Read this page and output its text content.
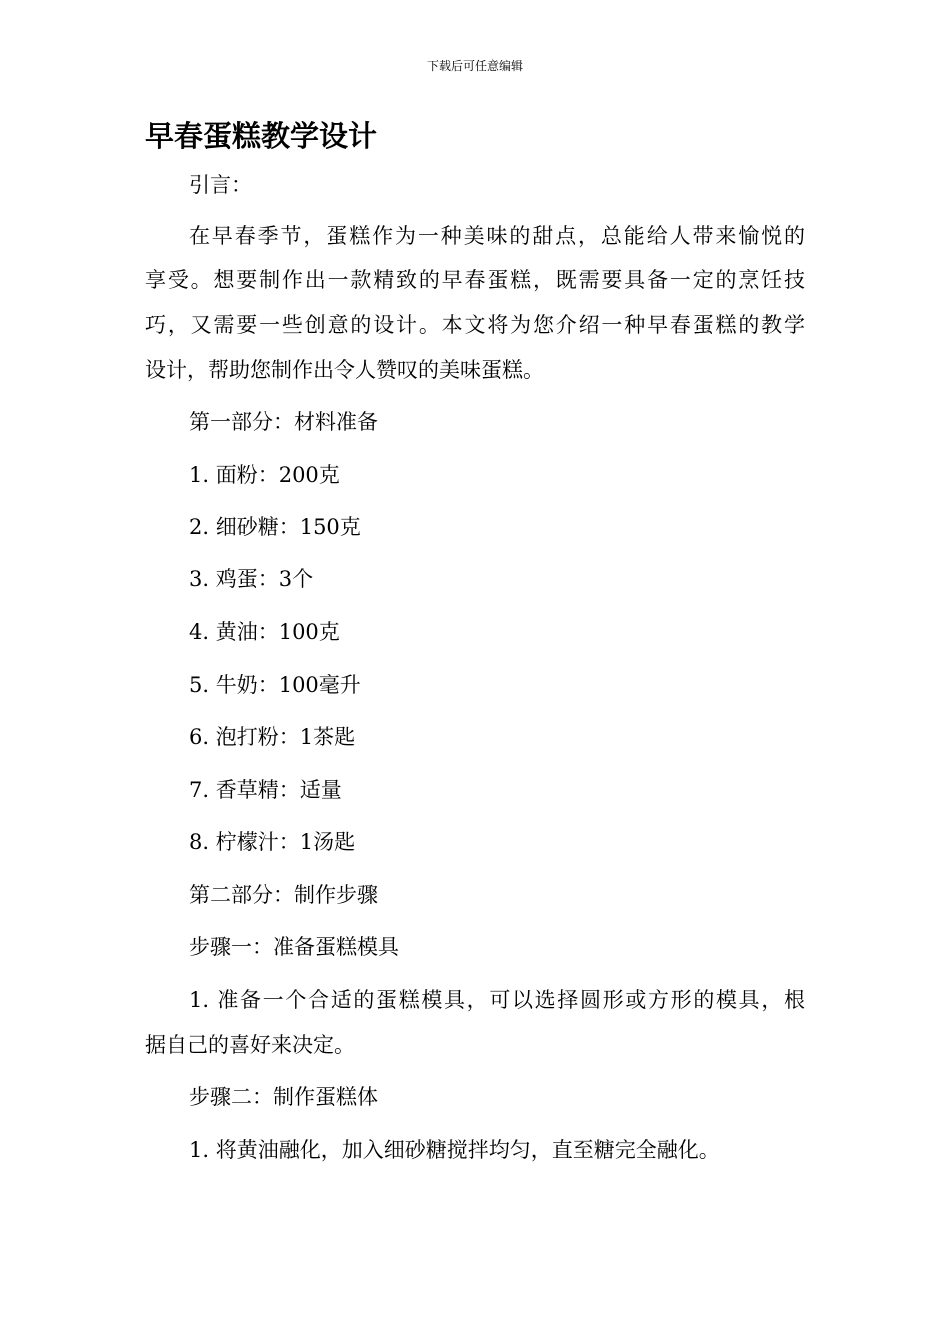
下载后可任意编辑
早春蛋糕教学设计
引言：
在早春季节，蛋糕作为一种美味的甜点，总能给人带来愉悦的
享受。想要制作出一款精致的早春蛋糕，既需要具备一定的烹饪技
巧，又需要一些创意的设计。本文将为您介绍一种早春蛋糕的教学
设计，帮助您制作出令人赞叹的美味蛋糕。
第一部分：材料准备
1. 面粉：200克
2. 细砂糖：150克
3. 鸡蛋：3个
4. 黄油：100克
5. 牛奶：100毫升
6. 泡打粉：1茶匙
7. 香草精：适量
8. 柠檬汁：1汤匙
第二部分：制作步骤
步骤一：准备蛋糕模具
1. 准备一个合适的蛋糕模具，可以选择圆形或方形的模具，根
据自己的喜好来决定。
步骤二：制作蛋糕体
1. 将黄油融化，加入细砂糖搅拌均匀，直至糖完全融化。
